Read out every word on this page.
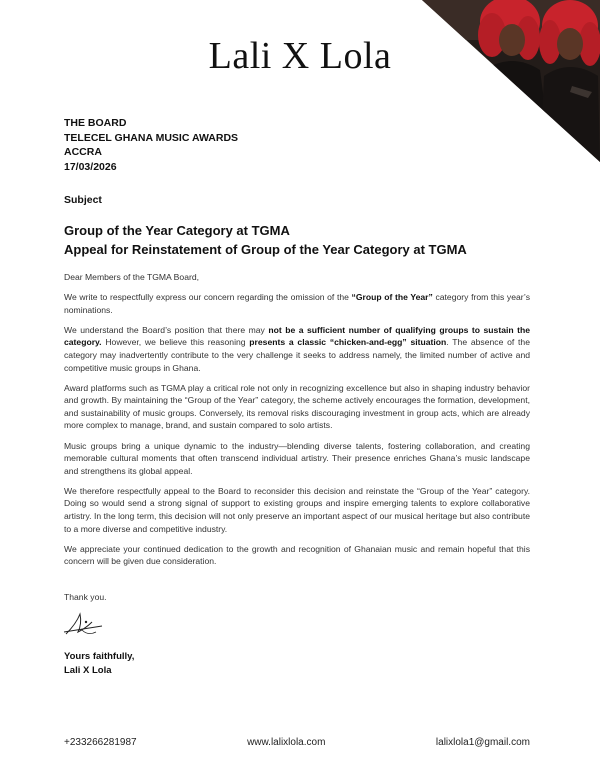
Lali X Lola
THE BOARD
TELECEL GHANA MUSIC AWARDS
ACCRA
17/03/2026
Subject
Group of the Year Category at TGMA
Appeal for Reinstatement of Group of the Year Category at TGMA

Dear Members of the TGMA Board,

We write to respectfully express our concern regarding the omission of the “Group of the Year” category from this year’s nominations.

We understand the Board’s position that there may not be a sufficient number of qualifying groups to sustain the category. However, we believe this reasoning presents a classic “chicken-and-egg” situation. The absence of the category may inadvertently contribute to the very challenge it seeks to address namely, the limited number of active and competitive music groups in Ghana.

Award platforms such as TGMA play a critical role not only in recognizing excellence but also in shaping industry behavior and growth. By maintaining the “Group of the Year” category, the scheme actively encourages the formation, development, and sustainability of music groups. Conversely, its removal risks discouraging investment in group acts, which are already more complex to manage, brand, and sustain compared to solo artists.

Music groups bring a unique dynamic to the industry—blending diverse talents, fostering collaboration, and creating memorable cultural moments that often transcend individual artistry. Their presence enriches Ghana’s music landscape and strengthens its global appeal.

We therefore respectfully appeal to the Board to reconsider this decision and reinstate the “Group of the Year” category. Doing so would send a strong signal of support to existing groups and inspire emerging talents to explore collaborative artistry. In the long term, this decision will not only preserve an important aspect of our musical heritage but also contribute to a more diverse and competitive industry.

We appreciate your continued dedication to the growth and recognition of Ghanaian music and remain hopeful that this concern will be given due consideration.

Thank you.
Yours faithfully,
Lali X Lola
+233266281987	www.lalixlola.com	lalixlola1@gmail.com
